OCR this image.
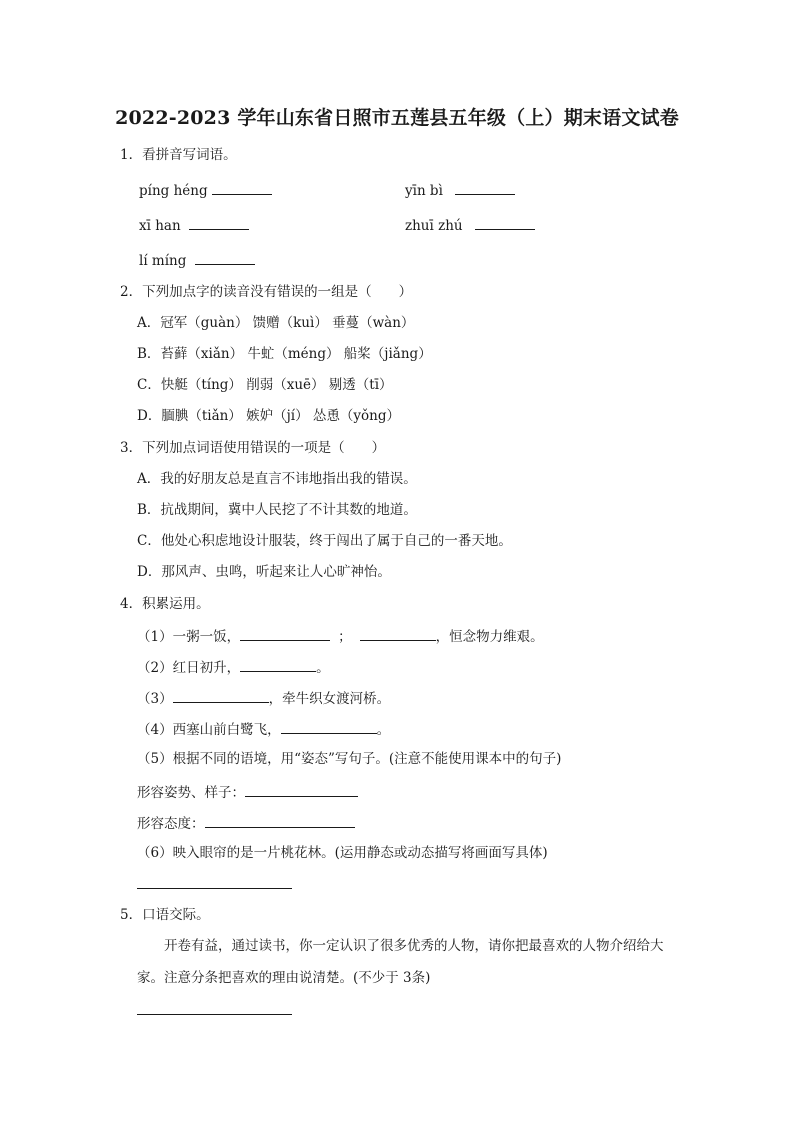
2022-2023 学年山东省日照市五莲县五年级（上）期末语文试卷
1．看拼音写词语。
píng héng	yīn bì
xī han	zhuī zhú
lí míng
2．下列加点字的读音没有错误的一组是（　　）
A．冠军（guàn） 馈赠（kuì） 垂蔓（wàn）
B．苔藓（xiǎn） 牛虻（méng） 船桨（jiǎng）
C．快艇（tíng） 削弱（xuē） 剔透（tī）
D．腼腆（tiǎn） 嫉妒（jí） 怂恿（yǒng）
3．下列加点词语使用错误的一项是（　　）
A．我的好朋友总是直言不讳地指出我的错误。
B．抗战期间，冀中人民挖了不计其数的地道。
C．他处心积虑地设计服装，终于闯出了属于自己的一番天地。
D．那风声、虫鸣，听起来让人心旷神怡。
4．积累运用。
（1）一粥一饭，	；	，恒念物力维艰。
（2）红日初升，	。
（3）	，牵牛织女渡河桥。
（4）西塞山前白鹭飞，	。
（5）根据不同的语境，用“姿态”写句子。(注意不能使用课本中的句子)
形容姿势、样子：
形容态度：
（6）映入眼帘的是一片桃花林。(运用静态或动态描写将画面写具体)
5．口语交际。
开卷有益，通过读书，你一定认识了很多优秀的人物，请你把最喜欢的人物介绍给大家。注意分条把喜欢的理由说清楚。(不少于 3条)
